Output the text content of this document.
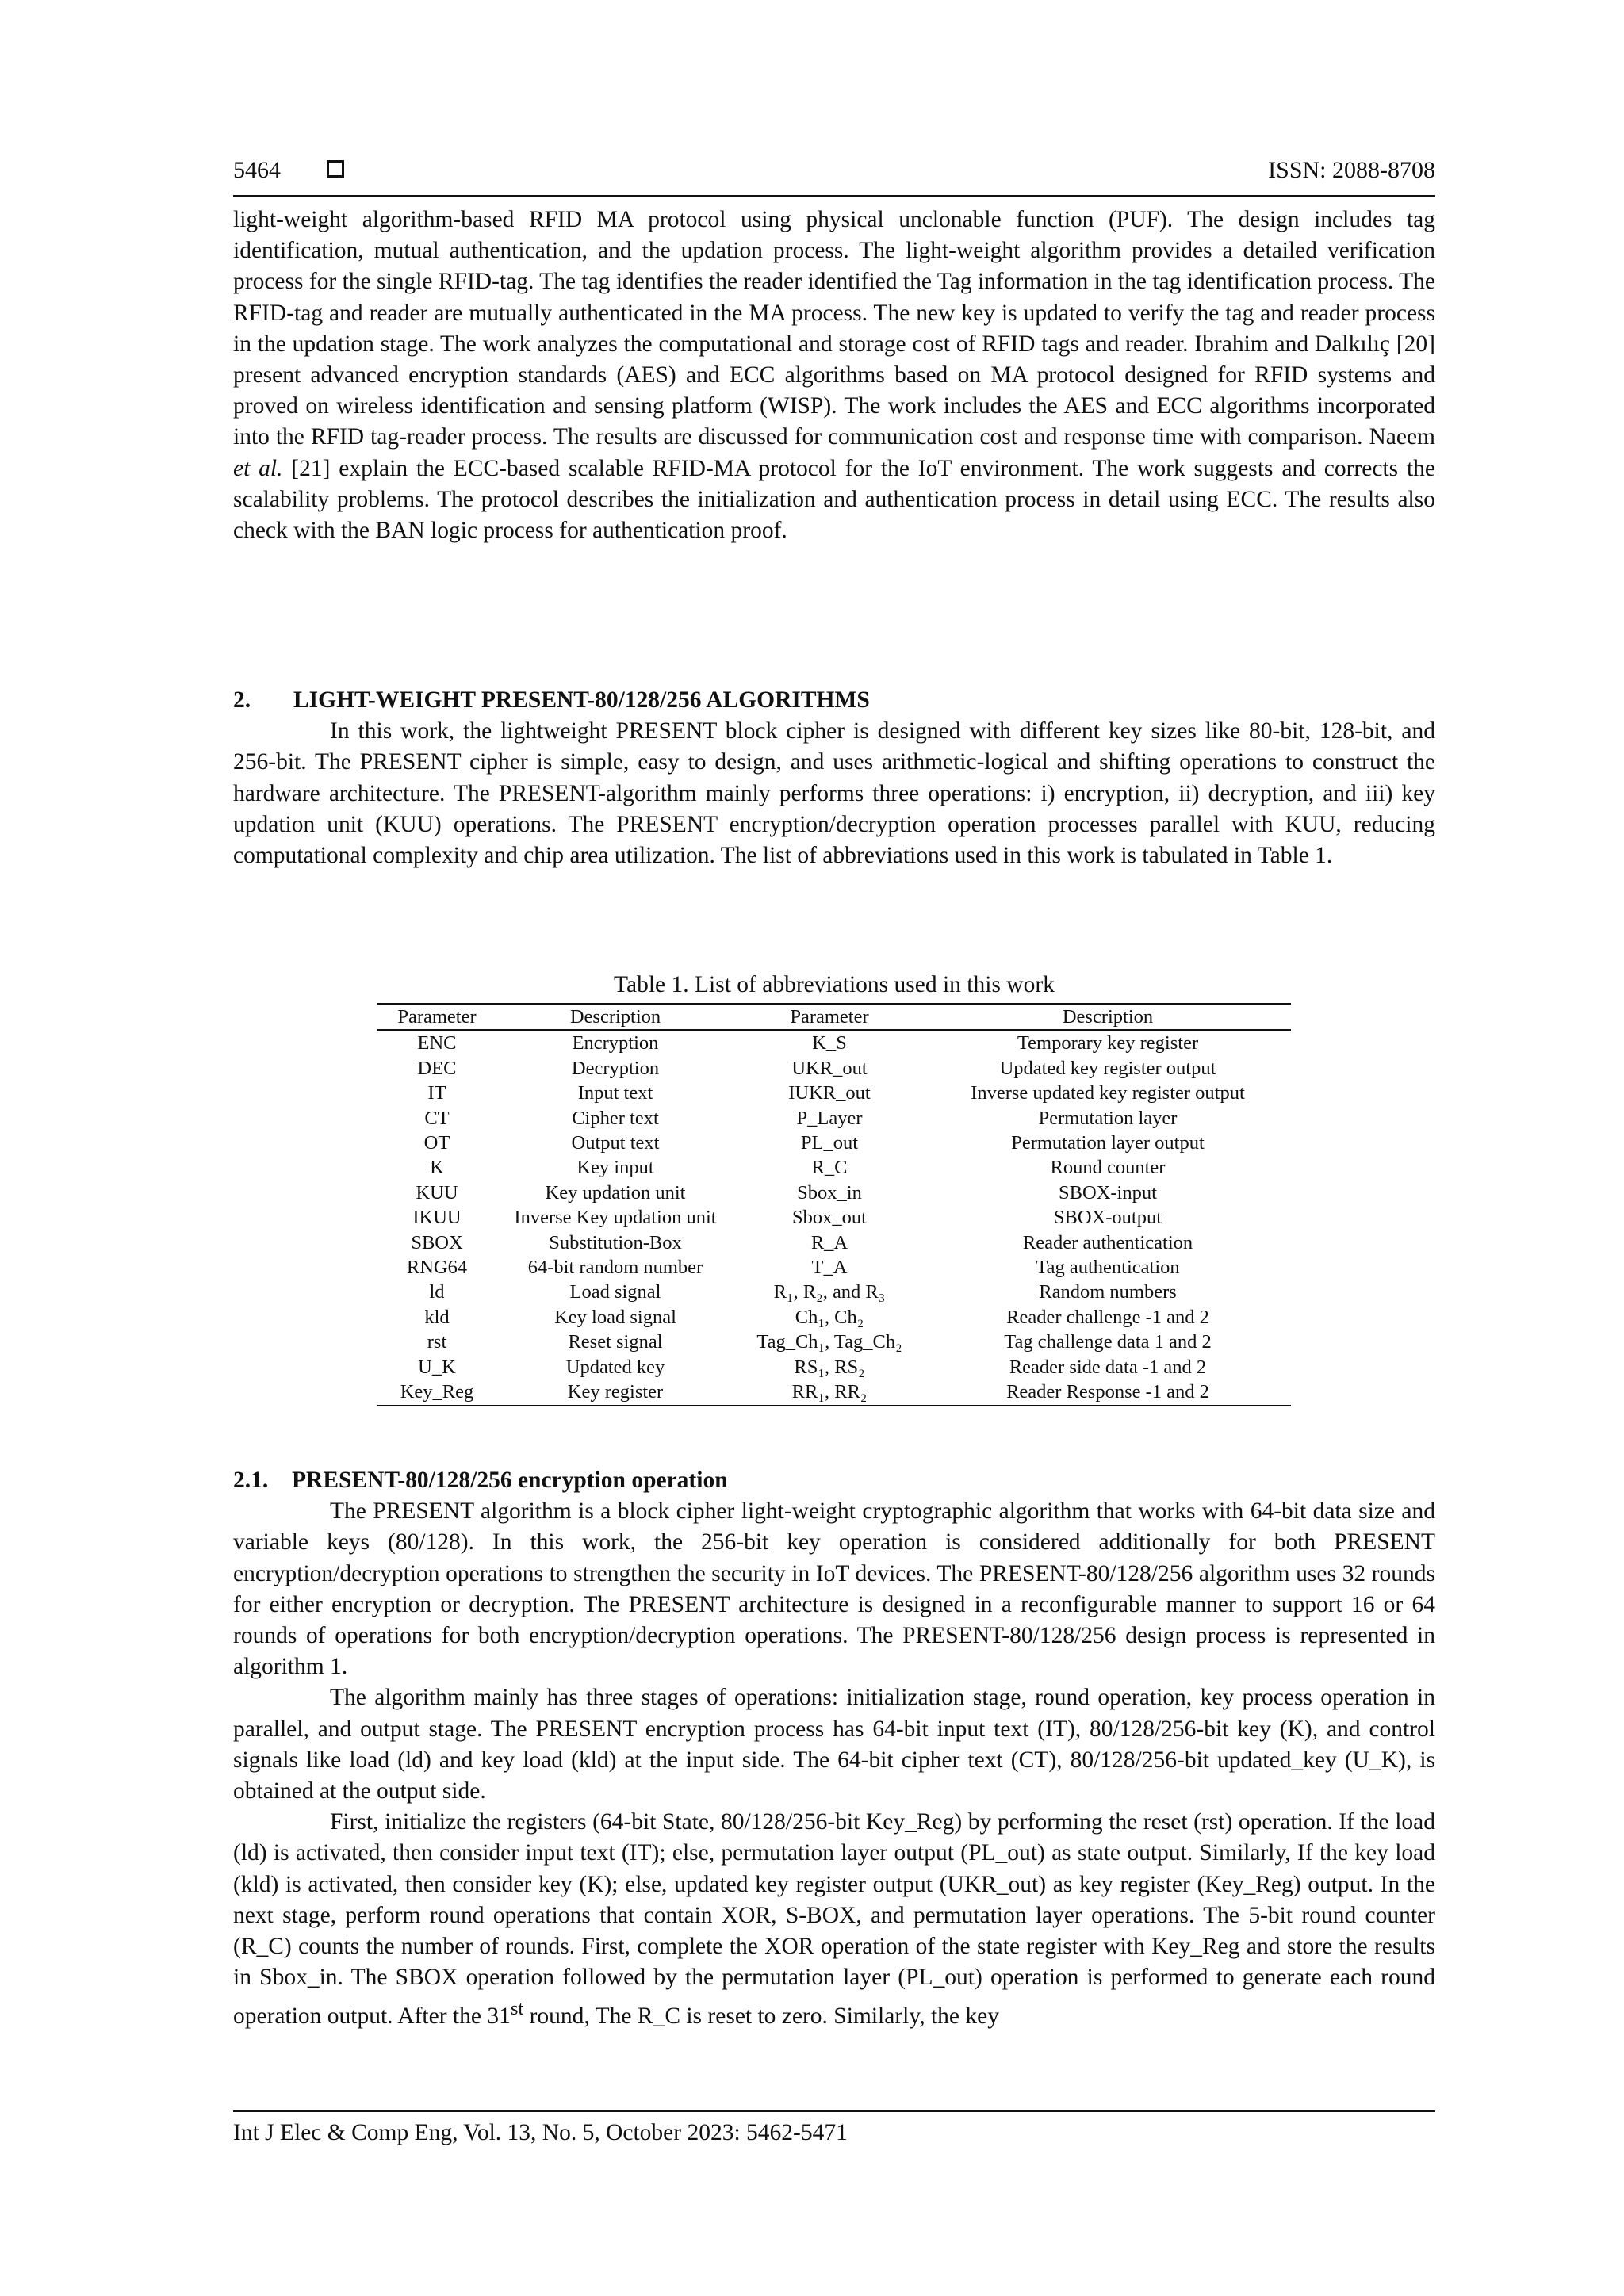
5464	ISSN: 2088-8708

light-weight algorithm-based RFID MA protocol using physical unclonable function (PUF). The design includes tag identification, mutual authentication, and the updation process. The light-weight algorithm provides a detailed verification process for the single RFID-tag. The tag identifies the reader identified the Tag information in the tag identification process. The RFID-tag and reader are mutually authenticated in the MA process. The new key is updated to verify the tag and reader process in the updation stage. The work analyzes the computational and storage cost of RFID tags and reader. Ibrahim and Dalkılıç [20] present advanced encryption standards (AES) and ECC algorithms based on MA protocol designed for RFID systems and proved on wireless identification and sensing platform (WISP). The work includes the AES and ECC algorithms incorporated into the RFID tag-reader process. The results are discussed for communication cost and response time with comparison. Naeem et al. [21] explain the ECC-based scalable RFID-MA protocol for the IoT environment. The work suggests and corrects the scalability problems. The protocol describes the initialization and authentication process in detail using ECC. The results also check with the BAN logic process for authentication proof.

2. LIGHT-WEIGHT PRESENT-80/128/256 ALGORITHMS

In this work, the lightweight PRESENT block cipher is designed with different key sizes like 80-bit, 128-bit, and 256-bit. The PRESENT cipher is simple, easy to design, and uses arithmetic-logical and shifting operations to construct the hardware architecture. The PRESENT-algorithm mainly performs three operations: i) encryption, ii) decryption, and iii) key updation unit (KUU) operations. The PRESENT encryption/decryption operation processes parallel with KUU, reducing computational complexity and chip area utilization. The list of abbreviations used in this work is tabulated in Table 1.

Table 1. List of abbreviations used in this work
Parameter	Description	Parameter	Description
ENC	Encryption	K_S	Temporary key register
DEC	Decryption	UKR_out	Updated key register output
IT	Input text	IUKR_out	Inverse updated key register output
CT	Cipher text	P_Layer	Permutation layer
OT	Output text	PL_out	Permutation layer output
K	Key input	R_C	Round counter
KUU	Key updation unit	Sbox_in	SBOX-input
IKUU	Inverse Key updation unit	Sbox_out	SBOX-output
SBOX	Substitution-Box	R_A	Reader authentication
RNG64	64-bit random number	T_A	Tag authentication
ld	Load signal	R₁, R₂, and R₃	Random numbers
kld	Key load signal	Ch₁, Ch₂	Reader challenge -1 and 2
rst	Reset signal	Tag_Ch₁, Tag_Ch₂	Tag challenge data 1 and 2
U_K	Updated key	RS₁, RS₂	Reader side data -1 and 2
Key_Reg	Key register	RR₁, RR₂	Reader Response -1 and 2
2.1. PRESENT-80/128/256 encryption operation

The PRESENT algorithm is a block cipher light-weight cryptographic algorithm that works with 64-bit data size and variable keys (80/128). In this work, the 256-bit key operation is considered additionally for both PRESENT encryption/decryption operations to strengthen the security in IoT devices. The PRESENT-80/128/256 algorithm uses 32 rounds for either encryption or decryption. The PRESENT architecture is designed in a reconfigurable manner to support 16 or 64 rounds of operations for both encryption/decryption operations. The PRESENT-80/128/256 design process is represented in algorithm 1.

The algorithm mainly has three stages of operations: initialization stage, round operation, key process operation in parallel, and output stage. The PRESENT encryption process has 64-bit input text (IT), 80/128/256-bit key (K), and control signals like load (ld) and key load (kld) at the input side. The 64-bit cipher text (CT), 80/128/256-bit updated_key (U_K), is obtained at the output side.

First, initialize the registers (64-bit State, 80/128/256-bit Key_Reg) by performing the reset (rst) operation. If the load (ld) is activated, then consider input text (IT); else, permutation layer output (PL_out) as state output. Similarly, If the key load (kld) is activated, then consider key (K); else, updated key register output (UKR_out) as key register (Key_Reg) output. In the next stage, perform round operations that contain XOR, S-BOX, and permutation layer operations. The 5-bit round counter (R_C) counts the number of rounds. First, complete the XOR operation of the state register with Key_Reg and store the results in Sbox_in. The SBOX operation followed by the permutation layer (PL_out) operation is performed to generate each round operation output. After the 31st round, The R_C is reset to zero. Similarly, the key

Int J Elec & Comp Eng, Vol. 13, No. 5, October 2023: 5462-5471
